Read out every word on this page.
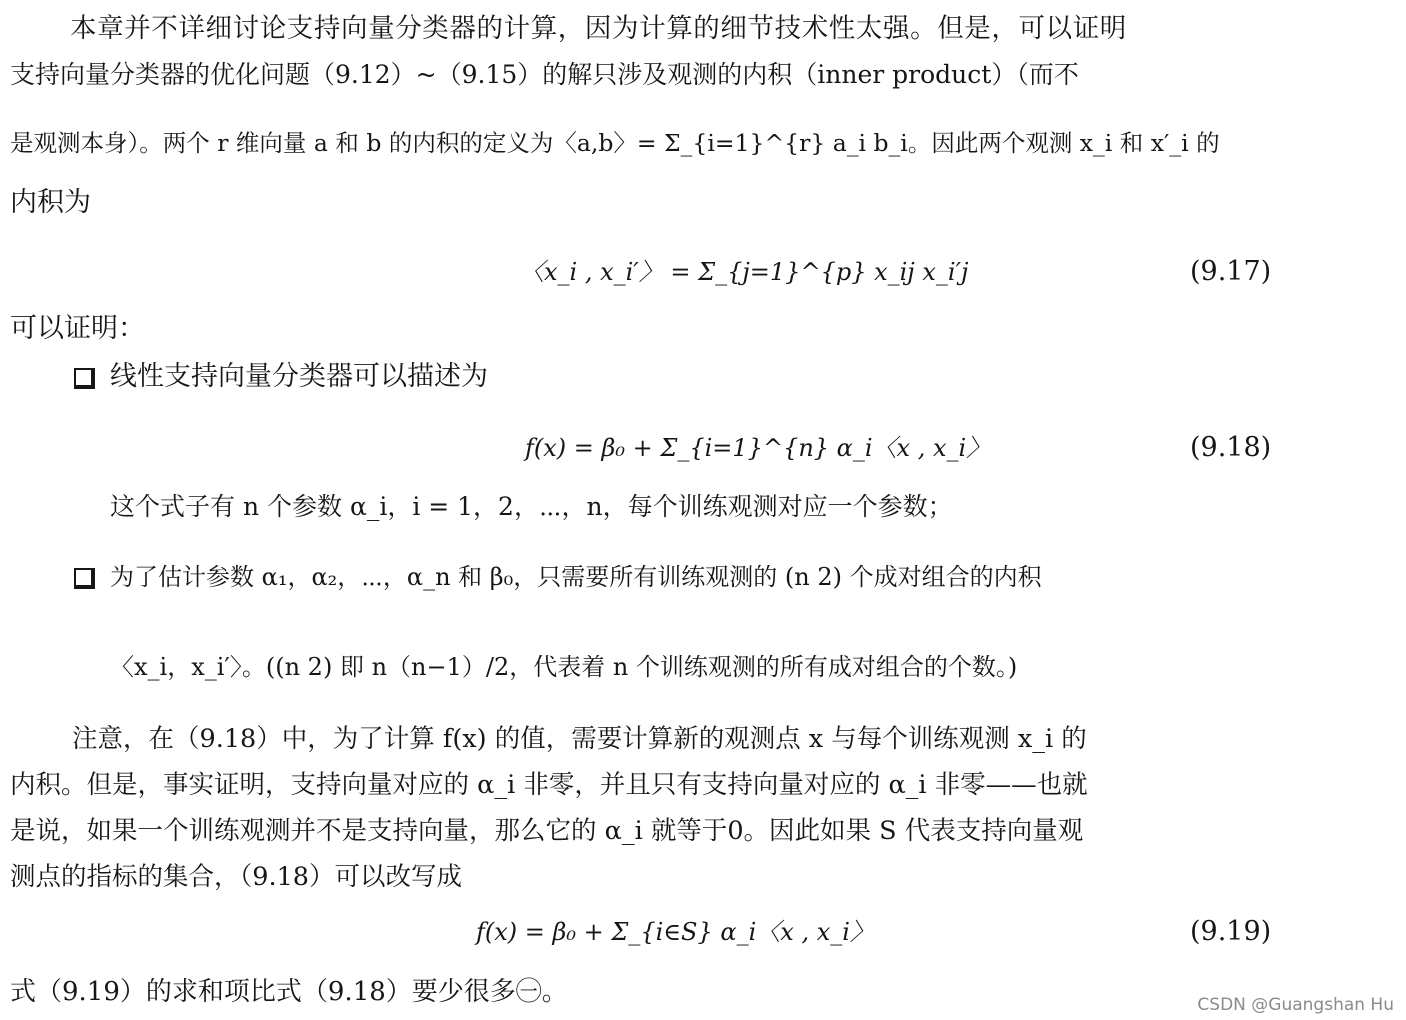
本章并不详细讨论支持向量分类器的计算，因为计算的细节技术性太强。但是，可以证明
支持向量分类器的优化问题（9.12）~（9.15）的解只涉及观测的内积（inner product）（而不
是观测本身）。两个 r 维向量 a 和 b 的内积的定义为〈a,b〉= Σ_{i=1}^{r} a_i b_i。因此两个观测 x_i 和 x′_i 的
内积为
〈x_i , x_i′〉 = Σ_{j=1}^{p} x_ij x_i′j	(9.17)
可以证明：
线性支持向量分类器可以描述为
f(x) = β₀ + Σ_{i=1}^{n} α_i〈x , x_i〉	(9.18)
这个式子有 n 个参数 α_i，i = 1，2，⋯，n，每个训练观测对应一个参数；
为了估计参数 α₁，α₂，⋯，α_n 和 β₀，只需要所有训练观测的 (n 2) 个成对组合的内积
〈x_i，x_i′〉。((n 2) 即 n（n−1）/2，代表着 n 个训练观测的所有成对组合的个数。)
注意，在（9.18）中，为了计算 f(x) 的值，需要计算新的观测点 x 与每个训练观测 x_i 的
内积。但是，事实证明，支持向量对应的 α_i 非零，并且只有支持向量对应的 α_i 非零——也就
是说，如果一个训练观测并不是支持向量，那么它的 α_i 就等于0。因此如果 S 代表支持向量观
测点的指标的集合，（9.18）可以改写成
f(x) = β₀ + Σ_{i∈S} α_i〈x , x_i〉	(9.19)
式（9.19）的求和项比式（9.18）要少很多㊀。	CSDN @Guangshan Hu
